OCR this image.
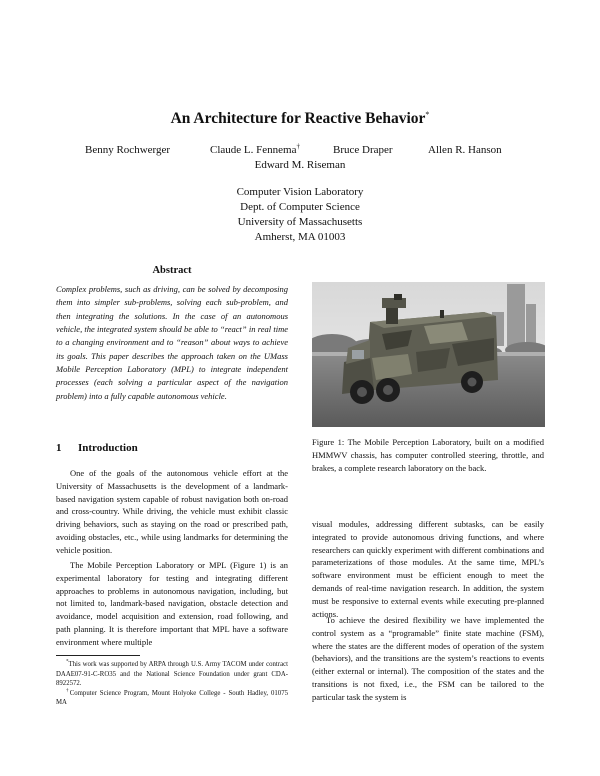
An Architecture for Reactive Behavior*
Benny Rochwerger	Claude L. Fennema†	Bruce Draper	Allen R. Hanson
Edward M. Riseman
Computer Vision Laboratory
Dept. of Computer Science
University of Massachusetts
Amherst, MA 01003
Abstract
Complex problems, such as driving, can be solved by decomposing them into simpler sub-problems, solving each sub-problem, and then integrating the solutions. In the case of an autonomous vehicle, the integrated system should be able to “react” in real time to a changing environment and to “reason” about ways to achieve its goals. This paper describes the approach taken on the UMass Mobile Perception Laboratory (MPL) to integrate independent processes (each solving a particular aspect of the navigation problem) into a fully capable autonomous vehicle.
1 Introduction
One of the goals of the autonomous vehicle effort at the University of Massachusetts is the development of a landmark-based navigation system capable of robust navigation both on-road and cross-country. While driving, the vehicle must exhibit classic driving behaviors, such as staying on the road or prescribed path, avoiding obstacles, etc., while using landmarks for determining the vehicle position.
The Mobile Perception Laboratory or MPL (Figure 1) is an experimental laboratory for testing and integrating different approaches to problems in autonomous navigation, including, but not limited to, landmark-based navigation, obstacle detection and avoidance, model acquisition and extension, road following, and path planning. It is therefore important that MPL have a software environment where multiple

*This work was supported by ARPA through U.S. Army TACOM under contract DAAE07-91-C-RO35 and the National Science Foundation under grant CDA-8922572.

†Computer Science Program, Mount Holyoke College - South Hadley, 01075 MA

Figure 1: The Mobile Perception Laboratory, built on a modified HMMWV chassis, has computer controlled steering, throttle, and brakes, a complete research laboratory on the back.
visual modules, addressing different subtasks, can be easily integrated to provide autonomous driving functions, and where researchers can quickly experiment with different combinations and parameterizations of those modules. At the same time, MPL’s software environment must be efficient enough to meet the demands of real-time navigation research. In addition, the system must be responsive to external events while executing pre-planned actions.
To achieve the desired flexibility we have implemented the control system as a “programable” finite state machine (FSM), where the states are the different modes of operation of the system (behaviors), and the transitions are the system’s reactions to events (either external or internal). The composition of the states and the transitions is not fixed, i.e., the FSM can be tailored to the particular task the system is
